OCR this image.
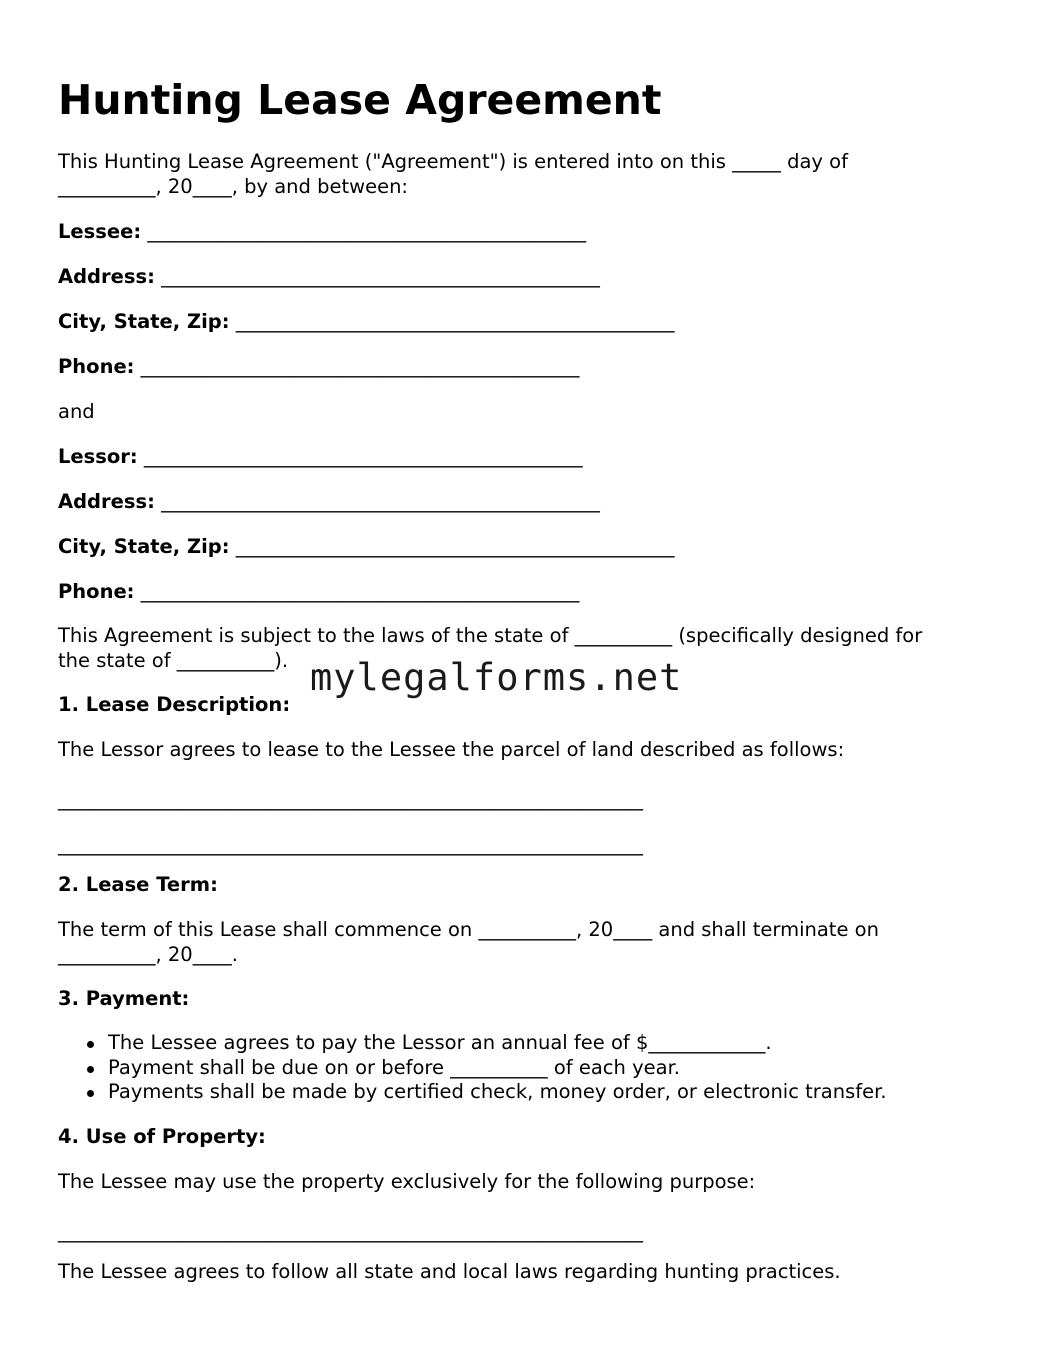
Hunting Lease Agreement

This Hunting Lease Agreement ("Agreement") is entered into on this _____ day of

__________, 20____, by and between:

Lessee: _____________________________________________

Address: _____________________________________________

City, State, Zip: _____________________________________________

Phone: _____________________________________________

and

Lessor: _____________________________________________

Address: _____________________________________________

City, State, Zip: _____________________________________________

Phone: _____________________________________________

This Agreement is subject to the laws of the state of __________ (specifically designed for

the state of __________).

1. Lease Description:

The Lessor agrees to lease to the Lessee the parcel of land described as follows:

____________________________________________________________

____________________________________________________________

2. Lease Term:

The term of this Lease shall commence on __________, 20____ and shall terminate on

__________, 20____.

3. Payment:

The Lessee agrees to pay the Lessor an annual fee of $____________.
Payment shall be due on or before __________ of each year.
Payments shall be made by certified check, money order, or electronic transfer.

4. Use of Property:

The Lessee may use the property exclusively for the following purpose:

____________________________________________________________

The Lessee agrees to follow all state and local laws regarding hunting practices.

mylegalforms.net
